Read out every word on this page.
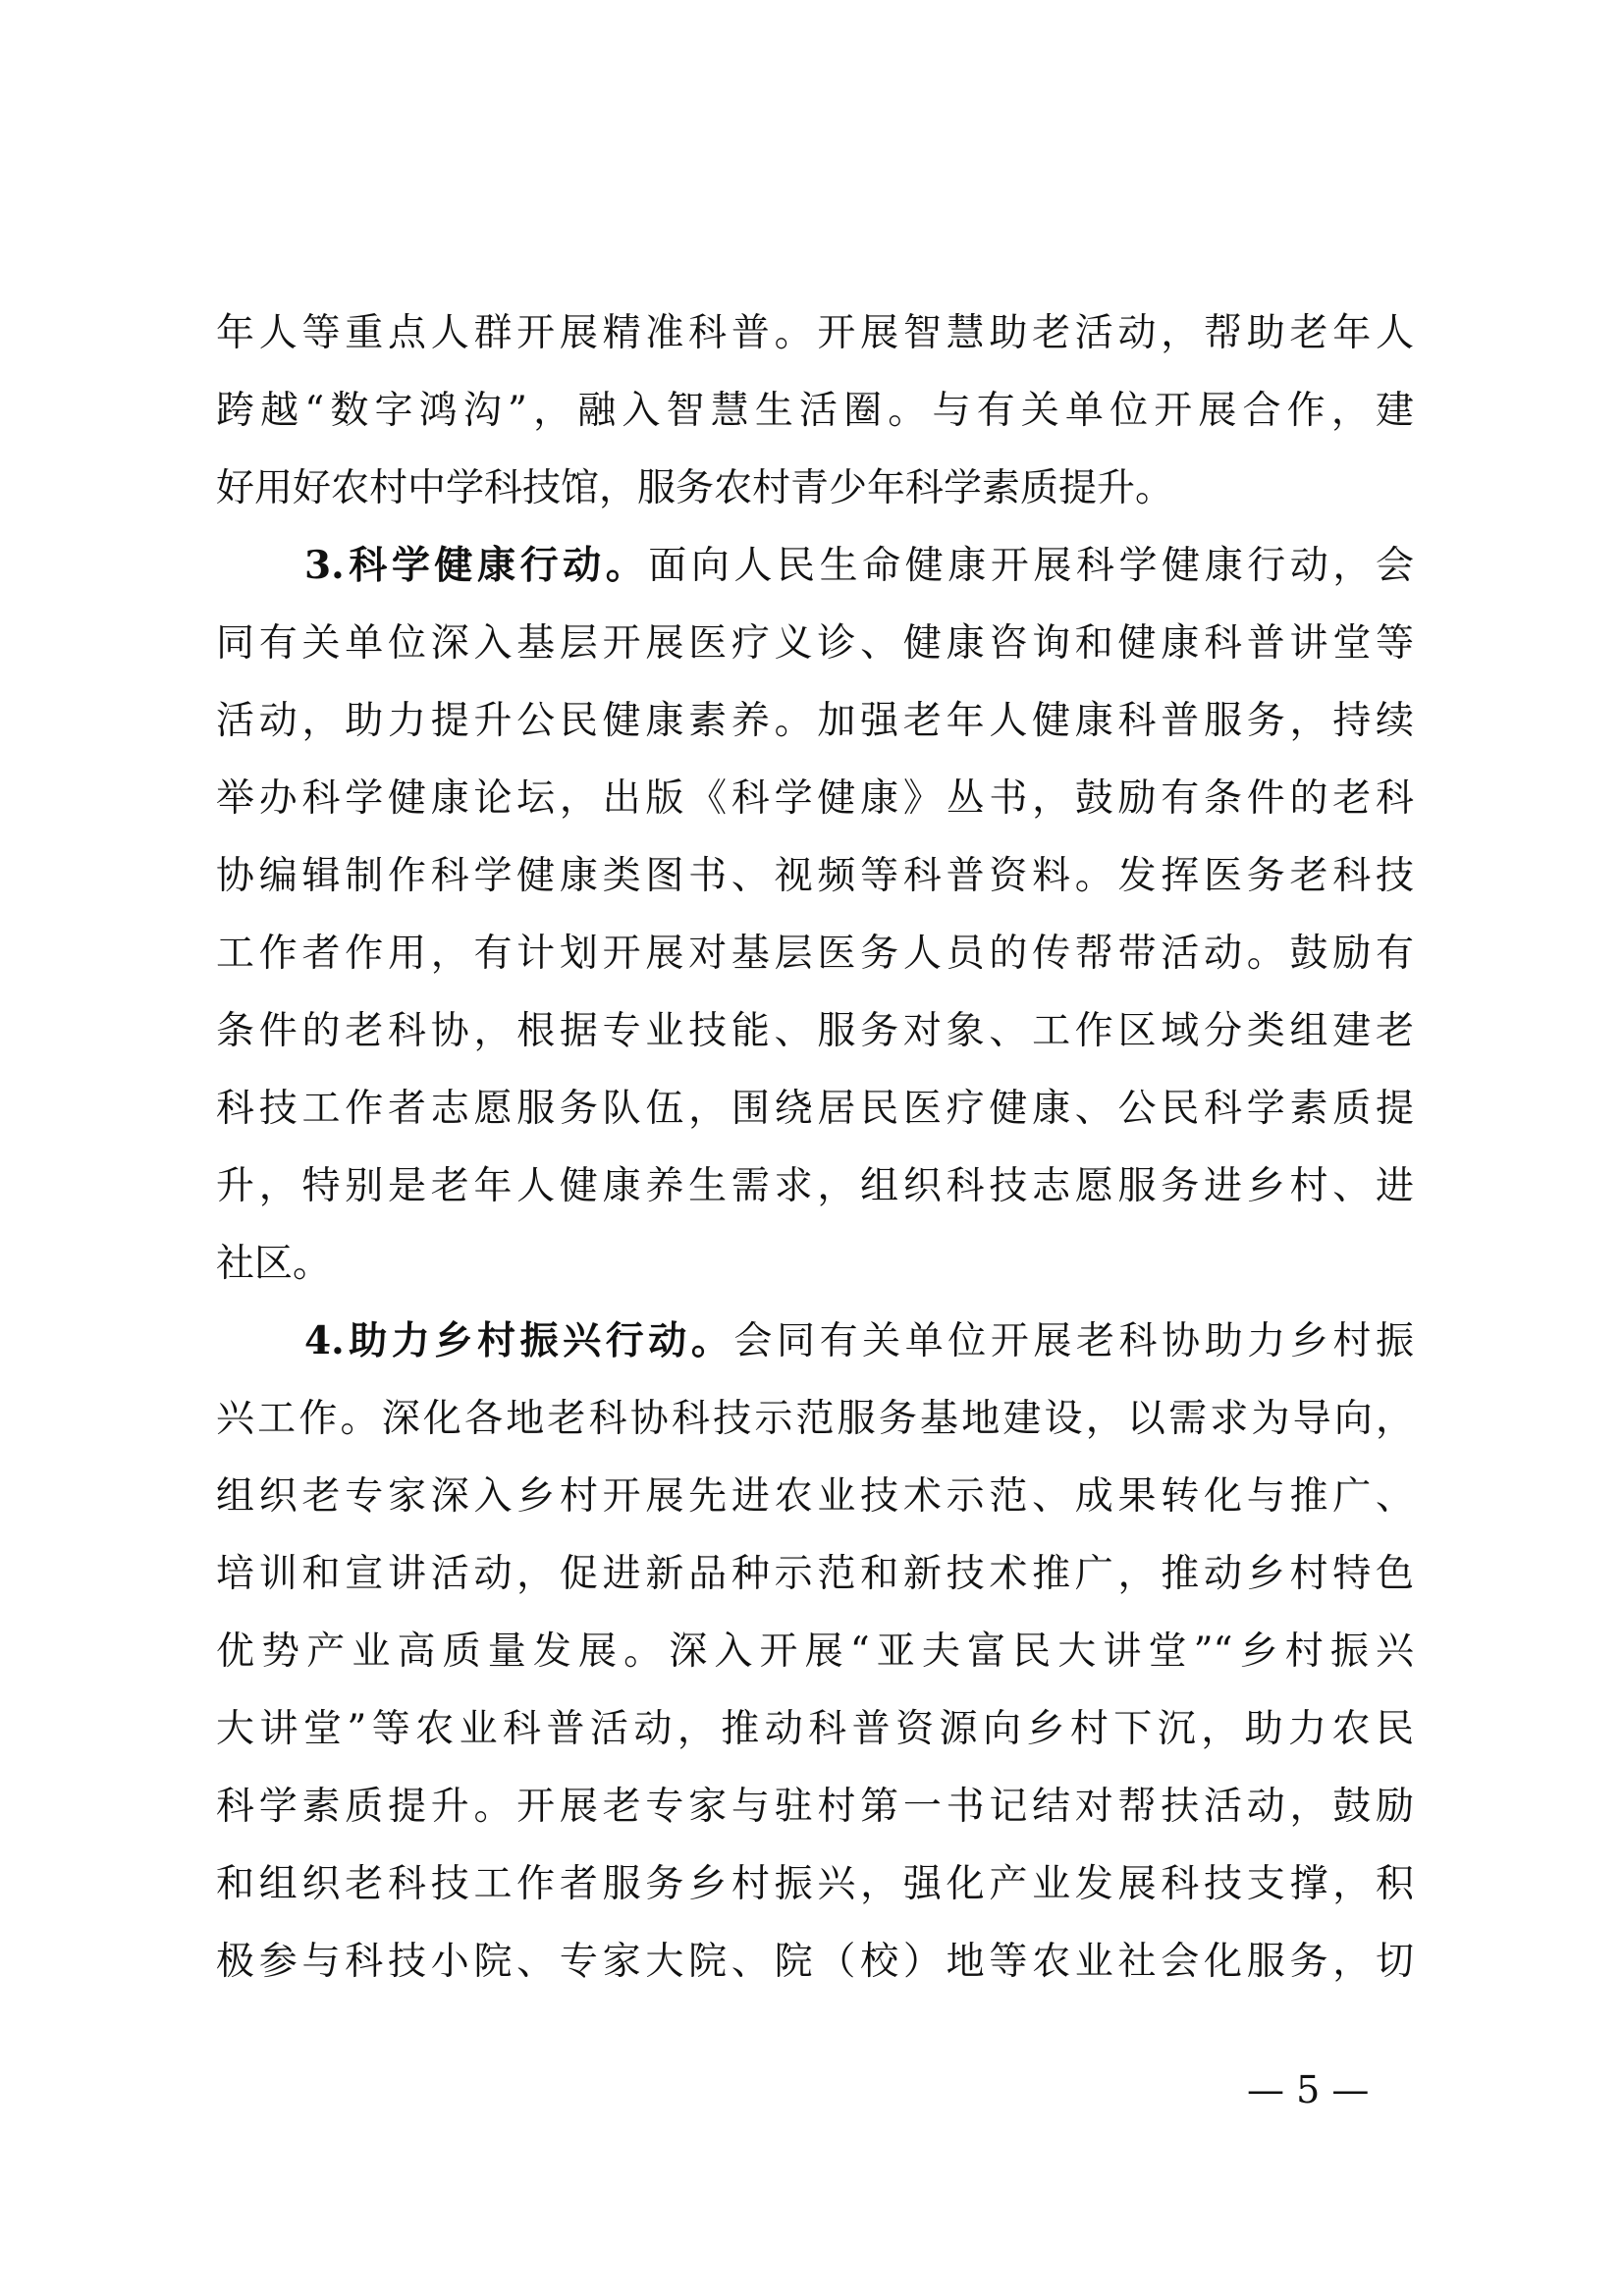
年人等重点人群开展精准科普。开展智慧助老活动，帮助老年人
跨越“数字鸿沟”，融入智慧生活圈。与有关单位开展合作，建
好用好农村中学科技馆，服务农村青少年科学素质提升。
3.科学健康行动。面向人民生命健康开展科学健康行动，会
同有关单位深入基层开展医疗义诊、健康咨询和健康科普讲堂等
活动，助力提升公民健康素养。加强老年人健康科普服务，持续
举办科学健康论坛，出版《科学健康》丛书，鼓励有条件的老科
协编辑制作科学健康类图书、视频等科普资料。发挥医务老科技
工作者作用，有计划开展对基层医务人员的传帮带活动。鼓励有
条件的老科协，根据专业技能、服务对象、工作区域分类组建老
科技工作者志愿服务队伍，围绕居民医疗健康、公民科学素质提
升，特别是老年人健康养生需求，组织科技志愿服务进乡村、进
社区。
4.助力乡村振兴行动。会同有关单位开展老科协助力乡村振
兴工作。深化各地老科协科技示范服务基地建设，以需求为导向，
组织老专家深入乡村开展先进农业技术示范、成果转化与推广、
培训和宣讲活动，促进新品种示范和新技术推广，推动乡村特色
优势产业高质量发展。深入开展“亚夫富民大讲堂”“乡村振兴
大讲堂”等农业科普活动，推动科普资源向乡村下沉，助力农民
科学素质提升。开展老专家与驻村第一书记结对帮扶活动，鼓励
和组织老科技工作者服务乡村振兴，强化产业发展科技支撑，积
极参与科技小院、专家大院、院（校）地等农业社会化服务，切
— 5 —
